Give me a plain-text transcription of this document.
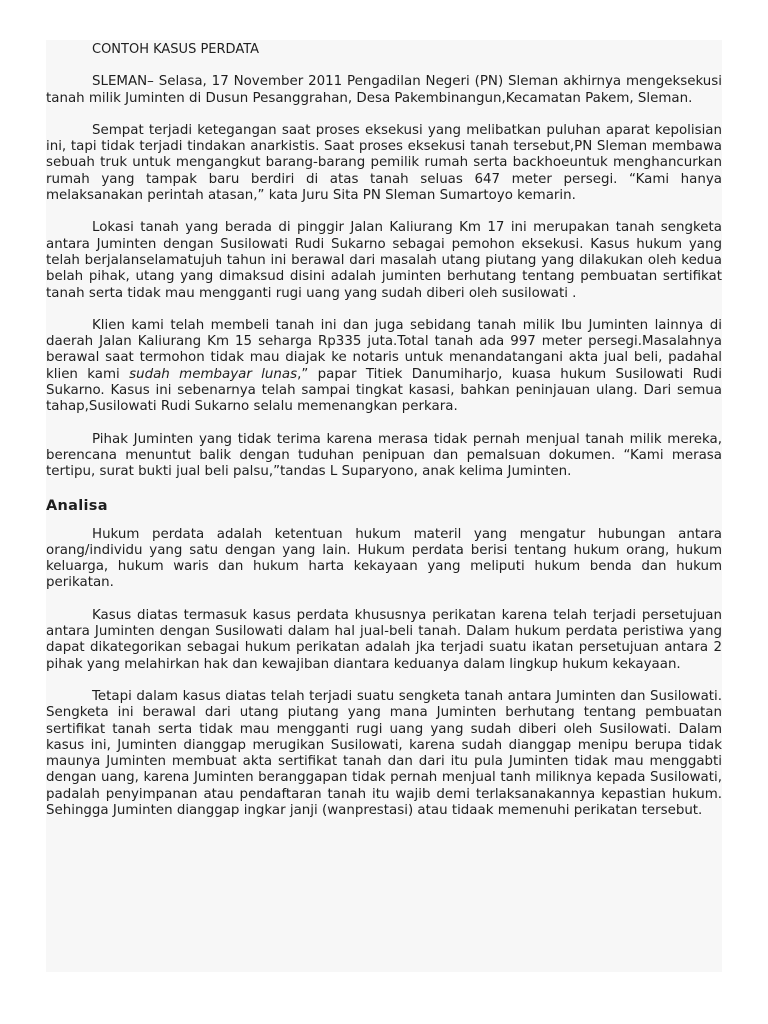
CONTOH KASUS PERDATA

SLEMAN– Selasa, 17 November 2011 Pengadilan Negeri (PN) Sleman akhirnya mengeksekusi tanah milik Juminten di Dusun Pesanggrahan, Desa Pakembinangun,Kecamatan Pakem, Sleman.

Sempat terjadi ketegangan saat proses eksekusi yang melibatkan puluhan aparat kepolisian ini, tapi tidak terjadi tindakan anarkistis. Saat proses eksekusi tanah tersebut,PN Sleman membawa sebuah truk untuk mengangkut barang-barang pemilik rumah serta backhoeuntuk menghancurkan rumah yang tampak baru berdiri di atas tanah seluas 647 meter persegi. “Kami hanya melaksanakan perintah atasan,” kata Juru Sita PN Sleman Sumartoyo kemarin.

Lokasi tanah yang berada di pinggir Jalan Kaliurang Km 17 ini merupakan tanah sengketa antara Juminten dengan Susilowati Rudi Sukarno sebagai pemohon eksekusi. Kasus hukum yang telah berjalanselamatujuh tahun ini berawal dari masalah utang piutang yang dilakukan oleh kedua belah pihak, utang yang dimaksud disini adalah juminten berhutang tentang pembuatan sertifikat tanah serta tidak mau mengganti rugi uang yang sudah diberi oleh susilowati .

Klien kami telah membeli tanah ini dan juga sebidang tanah milik Ibu Juminten lainnya di daerah Jalan Kaliurang Km 15 seharga Rp335 juta.Total tanah ada 997 meter persegi.Masalahnya berawal saat termohon tidak mau diajak ke notaris untuk menandatangani akta jual beli, padahal klien kami sudah membayar lunas,” papar Titiek Danumiharjo, kuasa hukum Susilowati Rudi Sukarno. Kasus ini sebenarnya telah sampai tingkat kasasi, bahkan peninjauan ulang. Dari semua tahap,Susilowati Rudi Sukarno selalu memenangkan perkara.

Pihak Juminten yang tidak terima karena merasa tidak pernah menjual tanah milik mereka, berencana menuntut balik dengan tuduhan penipuan dan pemalsuan dokumen. “Kami merasa tertipu, surat bukti jual beli palsu,”tandas L Suparyono, anak kelima Juminten.

Analisa

Hukum perdata adalah ketentuan hukum materil yang mengatur hubungan antara orang/individu yang satu dengan yang lain. Hukum perdata berisi tentang hukum orang, hukum keluarga, hukum waris dan hukum harta kekayaan yang meliputi hukum benda dan hukum perikatan.

Kasus diatas termasuk kasus perdata khususnya perikatan karena telah terjadi persetujuan antara Juminten dengan Susilowati dalam hal jual-beli tanah. Dalam hukum perdata peristiwa yang dapat dikategorikan sebagai hukum perikatan adalah jka terjadi suatu ikatan persetujuan antara 2 pihak yang melahirkan hak dan kewajiban diantara keduanya dalam lingkup hukum kekayaan.

Tetapi dalam kasus diatas telah terjadi suatu sengketa tanah antara Juminten dan Susilowati. Sengketa ini berawal dari utang piutang yang mana Juminten berhutang tentang pembuatan sertifikat tanah serta tidak mau mengganti rugi uang yang sudah diberi oleh Susilowati. Dalam kasus ini, Juminten dianggap merugikan Susilowati, karena sudah dianggap menipu berupa tidak maunya Juminten membuat akta sertifikat tanah dan dari itu pula Juminten tidak mau menggabti dengan uang, karena Juminten beranggapan tidak pernah menjual tanh miliknya kepada Susilowati, padalah penyimpanan atau pendaftaran tanah itu wajib demi terlaksanakannya kepastian hukum. Sehingga Juminten dianggap ingkar janji (wanprestasi) atau tidaak memenuhi perikatan tersebut.
